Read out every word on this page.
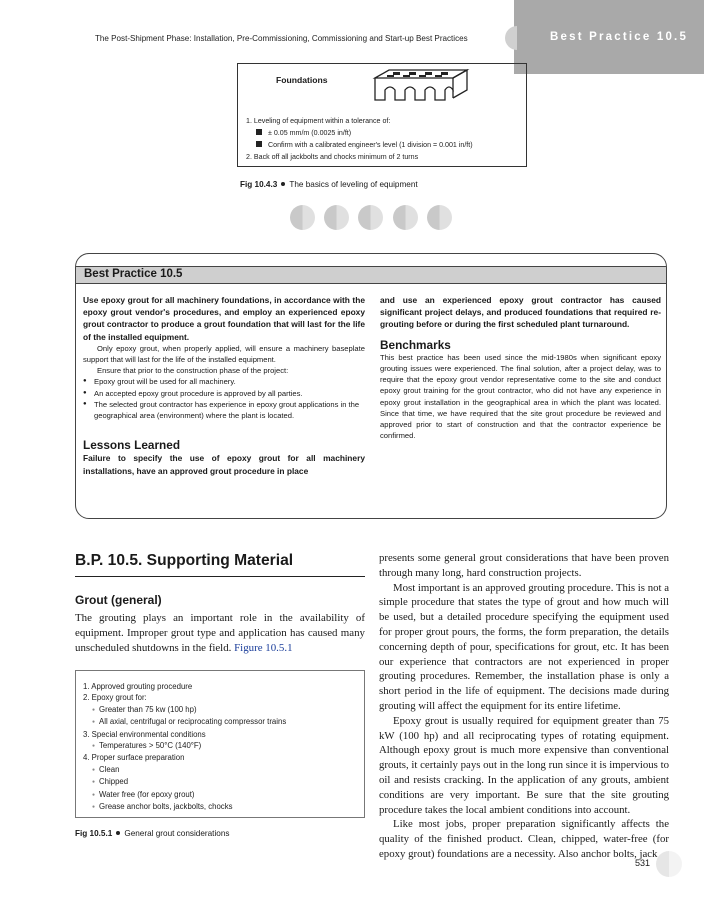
Best Practice 10.5
The Post-Shipment Phase: Installation, Pre-Commissioning, Commissioning and Start-up Best Practices
Foundations
1. Leveling of equipment within a tolerance of:
± 0.05 mm/m (0.0025 in/ft)
Confirm with a calibrated engineer's level (1 division = 0.001 in/ft)
2. Back off all jackbolts and chocks minimum of 2 turns
Fig 10.4.3 The basics of leveling of equipment
Best Practice 10.5
Use epoxy grout for all machinery foundations, in accordance with the epoxy grout vendor's procedures, and employ an experienced epoxy grout contractor to produce a grout foundation that will last for the life of the installed equipment.
Only epoxy grout, when properly applied, will ensure a machinery baseplate support that will last for the life of the installed equipment.
Ensure that prior to the construction phase of the project:
● Epoxy grout will be used for all machinery.
● An accepted epoxy grout procedure is approved by all parties.
● The selected grout contractor has experience in epoxy grout applications in the geographical area (environment) where the plant is located.
Lessons Learned
Failure to specify the use of epoxy grout for all machinery installations, have an approved grout procedure in place
and use an experienced epoxy grout contractor has caused significant project delays, and produced foundations that required re-grouting before or during the first scheduled plant turnaround.
Benchmarks
This best practice has been used since the mid-1980s when significant epoxy grouting issues were experienced. The final solution, after a project delay, was to require that the epoxy grout vendor representative come to the site and conduct epoxy grout training for the grout contractor, who did not have any experience in epoxy grout installation in the geographical area in which the plant was located. Since that time, we have required that the site grout procedure be reviewed and approved prior to start of construction and that the contractor experience be confirmed.
B.P. 10.5. Supporting Material
Grout (general)
The grouting plays an important role in the availability of equipment. Improper grout type and application has caused many unscheduled shutdowns in the field. Figure 10.5.1
1. Approved grouting procedure
2. Epoxy grout for:
● Greater than 75 kw (100 hp)
● All axial, centrifugal or reciprocating compressor trains
3. Special environmental conditions
● Temperatures > 50°C (140°F)
4. Proper surface preparation
● Clean
● Chipped
● Water free (for epoxy grout)
● Grease anchor bolts, jackbolts, chocks
Fig 10.5.1 General grout considerations

presents some general grout considerations that have been proven through many long, hard construction projects.

Most important is an approved grouting procedure. This is not a simple procedure that states the type of grout and how much will be used, but a detailed procedure specifying the equipment used for proper grout pours, the forms, the form preparation, the details concerning depth of pour, specifications for grout, etc. It has been our experience that contractors are not experienced in proper grouting procedures. Remember, the installation phase is only a short period in the life of equipment. The decisions made during grouting will affect the equipment for its entire lifetime.

Epoxy grout is usually required for equipment greater than 75 kW (100 hp) and all reciprocating types of rotating equipment. Although epoxy grout is much more expensive than conventional grouts, it certainly pays out in the long run since it is impervious to oil and resists cracking. In the application of any grouts, ambient conditions are very important. Be sure that the site grouting procedure takes the local ambient conditions into account.

Like most jobs, proper preparation significantly affects the quality of the finished product. Clean, chipped, water-free (for epoxy grout) foundations are a necessity. Also anchor bolts, jack

531
